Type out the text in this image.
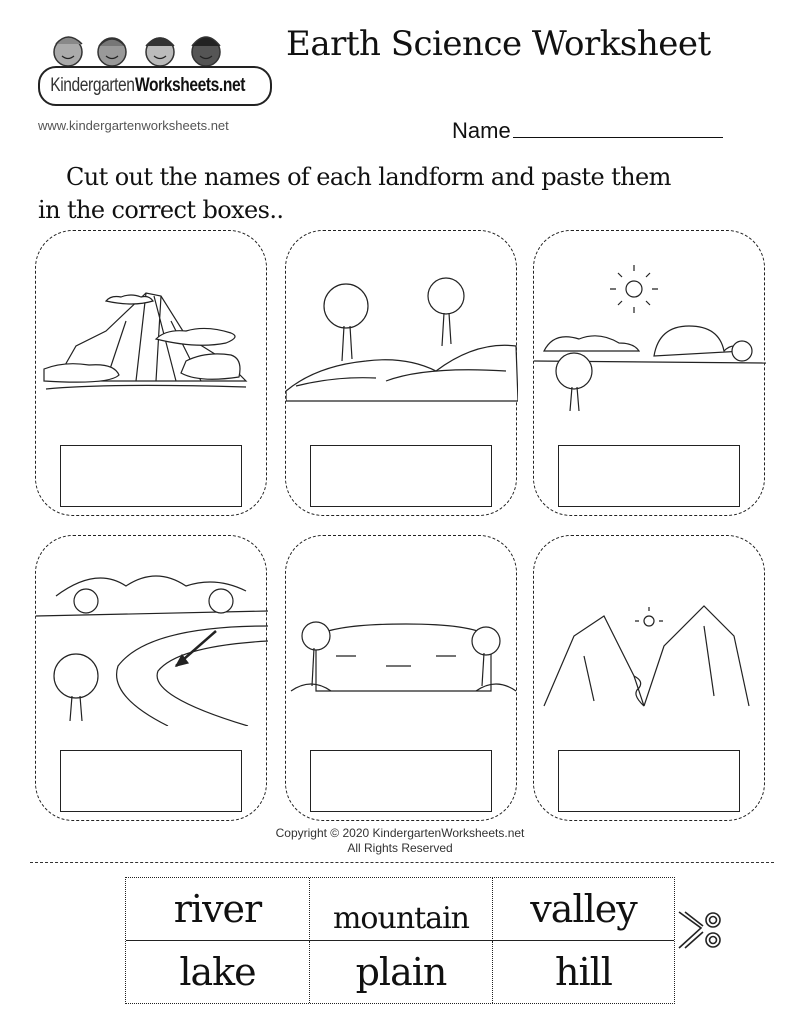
Kindergarten Worksheets.net
www.kindergartenworksheets.net
Earth Science Worksheet
Name
Cut out the names of each landform and paste them
in the correct boxes..
Copyright © 2020 KindergartenWorksheets.net
All Rights Reserved
river	mountain	valley
lake	plain	hill
